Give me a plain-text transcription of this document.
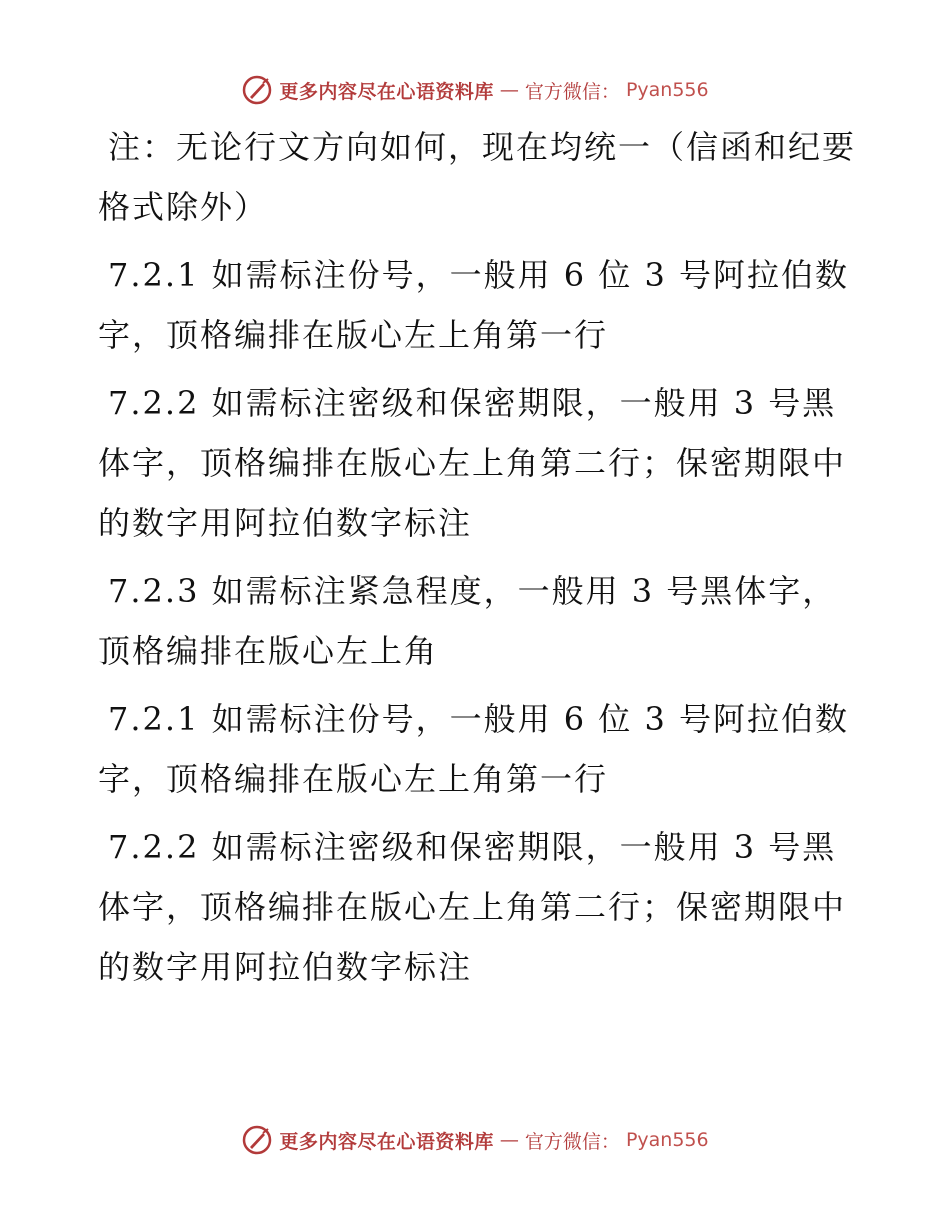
更多内容尽在心语资料库 — 官方微信： Pyan556

注：无论行文方向如何，现在均统一（信函和纪要格式除外）

7.2.1 如需标注份号，一般用 6 位 3 号阿拉伯数字，顶格编排在版心左上角第一行

7.2.2 如需标注密级和保密期限，一般用 3 号黑体字，顶格编排在版心左上角第二行；保密期限中的数字用阿拉伯数字标注

7.2.3 如需标注紧急程度，一般用 3 号黑体字，顶格编排在版心左上角

7.2.1 如需标注份号，一般用 6 位 3 号阿拉伯数字，顶格编排在版心左上角第一行

7.2.2 如需标注密级和保密期限，一般用 3 号黑体字，顶格编排在版心左上角第二行；保密期限中的数字用阿拉伯数字标注

更多内容尽在心语资料库 — 官方微信： Pyan556
